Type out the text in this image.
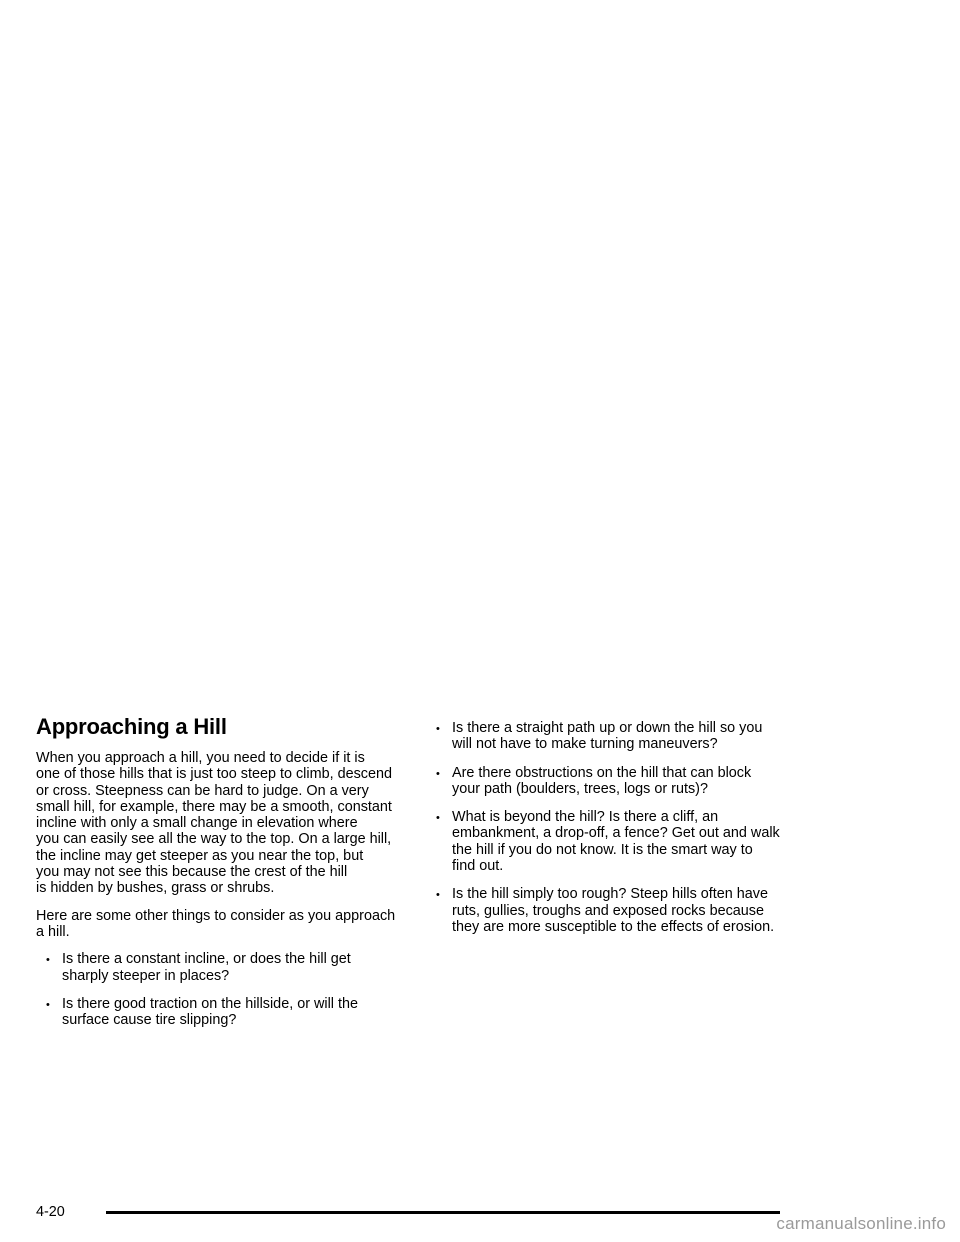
Approaching a Hill

When you approach a hill, you need to decide if it is
one of those hills that is just too steep to climb, descend
or cross. Steepness can be hard to judge. On a very
small hill, for example, there may be a smooth, constant
incline with only a small change in elevation where
you can easily see all the way to the top. On a large hill,
the incline may get steeper as you near the top, but
you may not see this because the crest of the hill
is hidden by bushes, grass or shrubs.

Here are some other things to consider as you approach
a hill.

• Is there a constant incline, or does the hill get
sharply steeper in places?
• Is there good traction on the hillside, or will the
surface cause tire slipping?
• Is there a straight path up or down the hill so you
will not have to make turning maneuvers?
• Are there obstructions on the hill that can block
your path (boulders, trees, logs or ruts)?
• What is beyond the hill? Is there a cliff, an
embankment, a drop-off, a fence? Get out and walk
the hill if you do not know. It is the smart way to
find out.
• Is the hill simply too rough? Steep hills often have
ruts, gullies, troughs and exposed rocks because
they are more susceptible to the effects of erosion.
4-20
carmanualsonline.info
